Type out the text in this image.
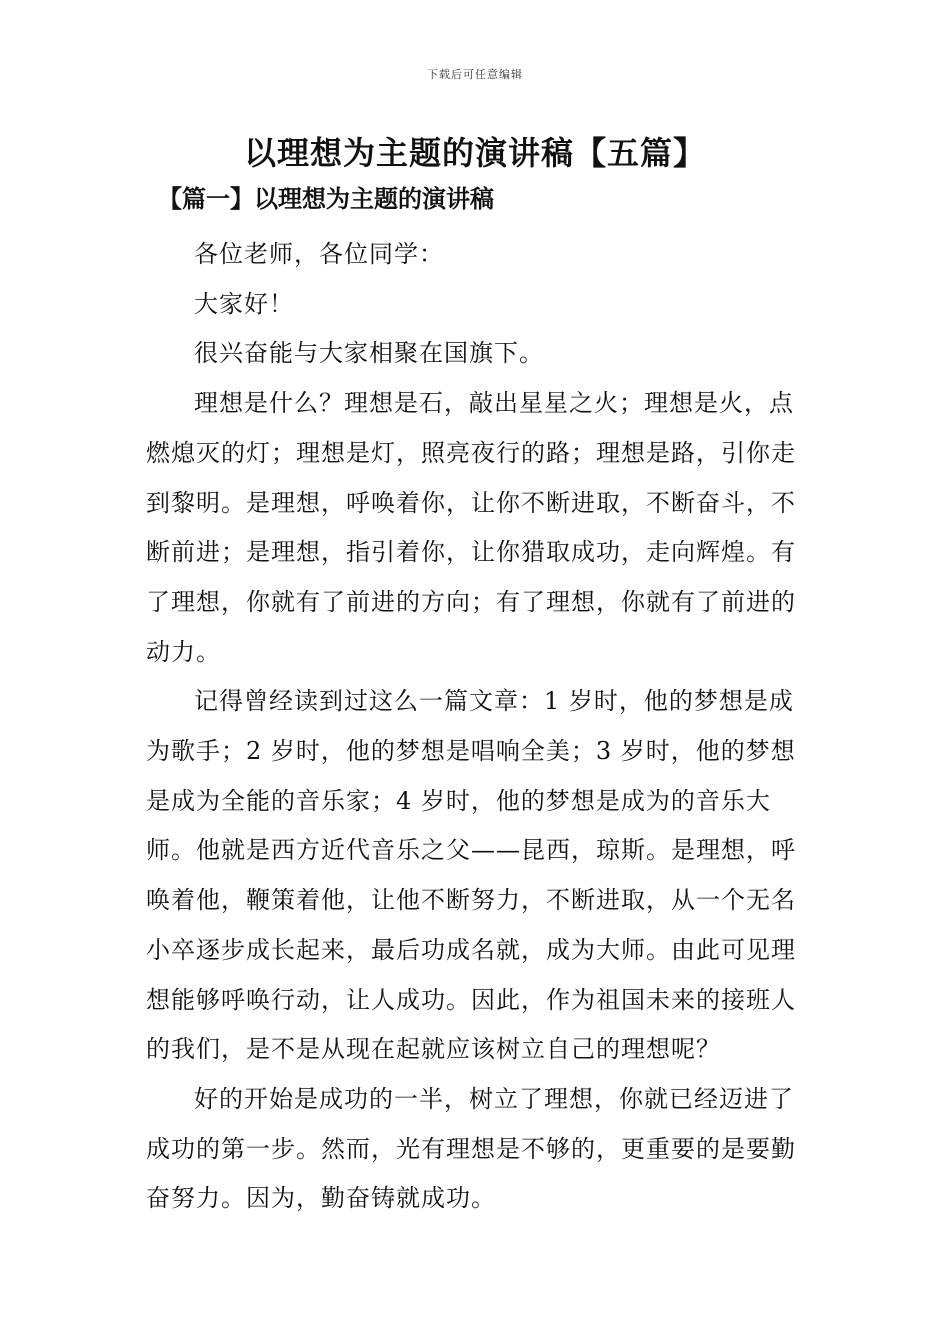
下载后可任意编辑
以理想为主题的演讲稿【五篇】
【篇一】以理想为主题的演讲稿

各位老师，各位同学：

大家好！

很兴奋能与大家相聚在国旗下。

理想是什么？理想是石，敲出星星之火；理想是火，点燃熄灭的灯；理想是灯，照亮夜行的路；理想是路，引你走到黎明。是理想，呼唤着你，让你不断进取，不断奋斗，不断前进；是理想，指引着你，让你猎取成功，走向辉煌。有了理想，你就有了前进的方向；有了理想，你就有了前进的动力。

记得曾经读到过这么一篇文章：1 岁时，他的梦想是成为歌手；2 岁时，他的梦想是唱响全美；3 岁时，他的梦想是成为全能的音乐家；4 岁时，他的梦想是成为的音乐大师。他就是西方近代音乐之父——昆西，琼斯。是理想，呼唤着他，鞭策着他，让他不断努力，不断进取，从一个无名小卒逐步成长起来，最后功成名就，成为大师。由此可见理想能够呼唤行动，让人成功。因此，作为祖国未来的接班人的我们，是不是从现在起就应该树立自己的理想呢？

好的开始是成功的一半，树立了理想，你就已经迈进了成功的第一步。然而，光有理想是不够的，更重要的是要勤奋努力。因为，勤奋铸就成功。
